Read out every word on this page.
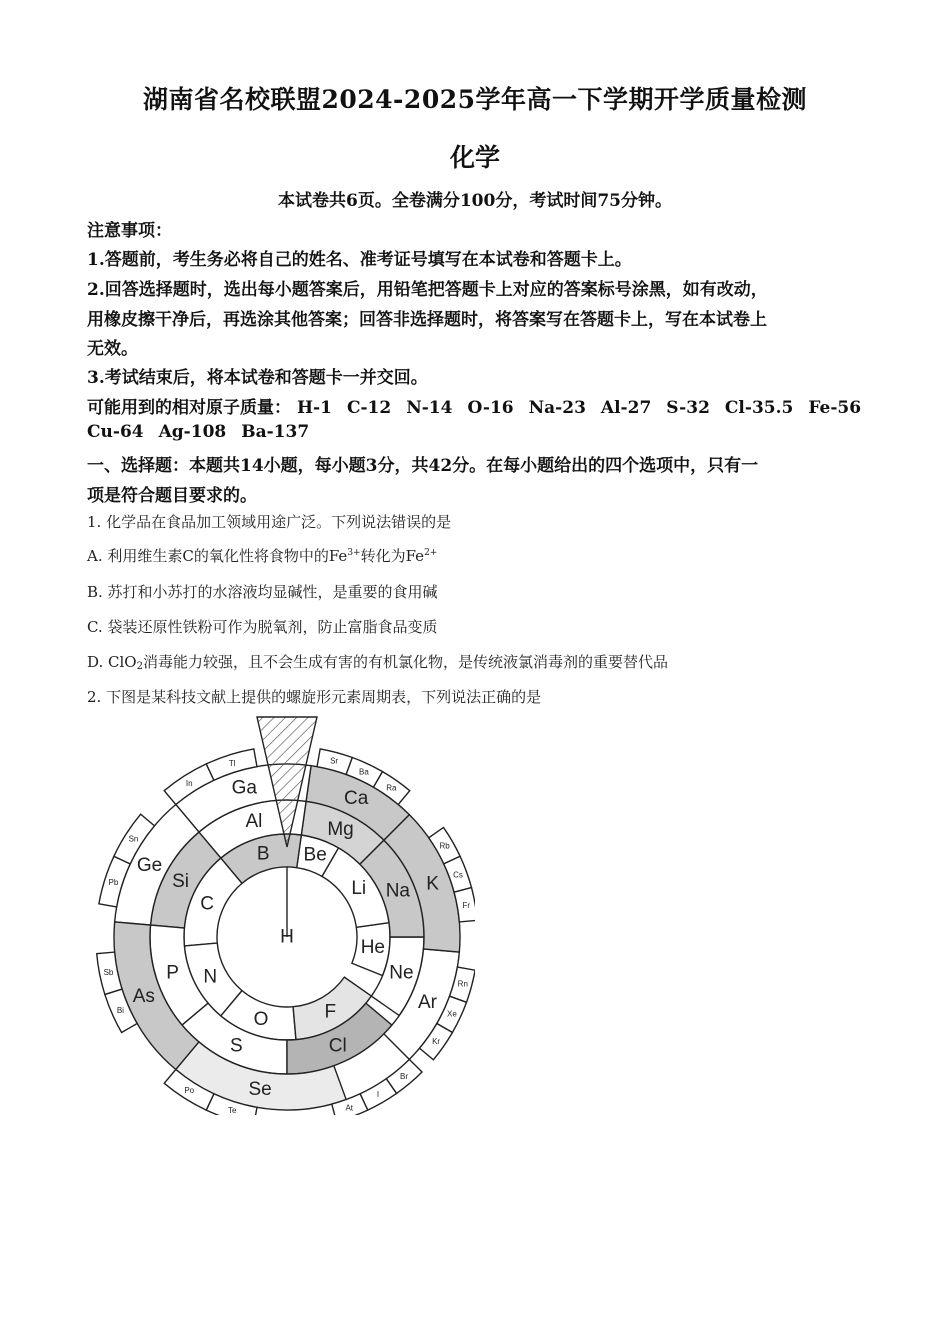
湖南省名校联盟2024-2025学年高一下学期开学质量检测
化学
本试卷共6页。全卷满分100分，考试时间75分钟。
注意事项：
1.答题前，考生务必将自己的姓名、准考证号填写在本试卷和答题卡上。
2.回答选择题时，选出每小题答案后，用铅笔把答题卡上对应的答案标号涂黑，如有改动，
用橡皮擦干净后，再选涂其他答案；回答非选择题时，将答案写在答题卡上，写在本试卷上
无效。
3.考试结束后，将本试卷和答题卡一并交回。
可能用到的相对原子质量： H-1 C-12 N-14 O-16 Na-23 Al-27 S-32 Cl-35.5 Fe-56
Cu-64 Ag-108 Ba-137
一、选择题：本题共14小题，每小题3分，共42分。在每小题给出的四个选项中，只有一
项是符合题目要求的。
1. 化学品在食品加工领域用途广泛。下列说法错误的是
A. 利用维生素C的氧化性将食物中的$Fe^{3+}$转化为$Fe^{2+}$
B. 苏打和小苏打的水溶液均显碱性，是重要的食用碱
C. 袋装还原性铁粉可作为脱氧剂，防止富脂食品变质
D. ClO$_2$消毒能力较强，且不会生成有害的有机氯化物，是传统液氯消毒剂的重要替代品
2. 下图是某科技文献上提供的螺旋形元素周期表，下列说法正确的是
H
He
Li
Be
B
C
N
O	F
Ne
Na
Mg
Al
Si
P
S	Cl
Ar
K
Ca
Ga
Ge
As
Se
Sr
Ba
Ra
In
Tl
Pb
Sn
Bi
Sb
Te
Po
Br
I
At
Rn
Xe
Kr
Rb
Cs
Fr
